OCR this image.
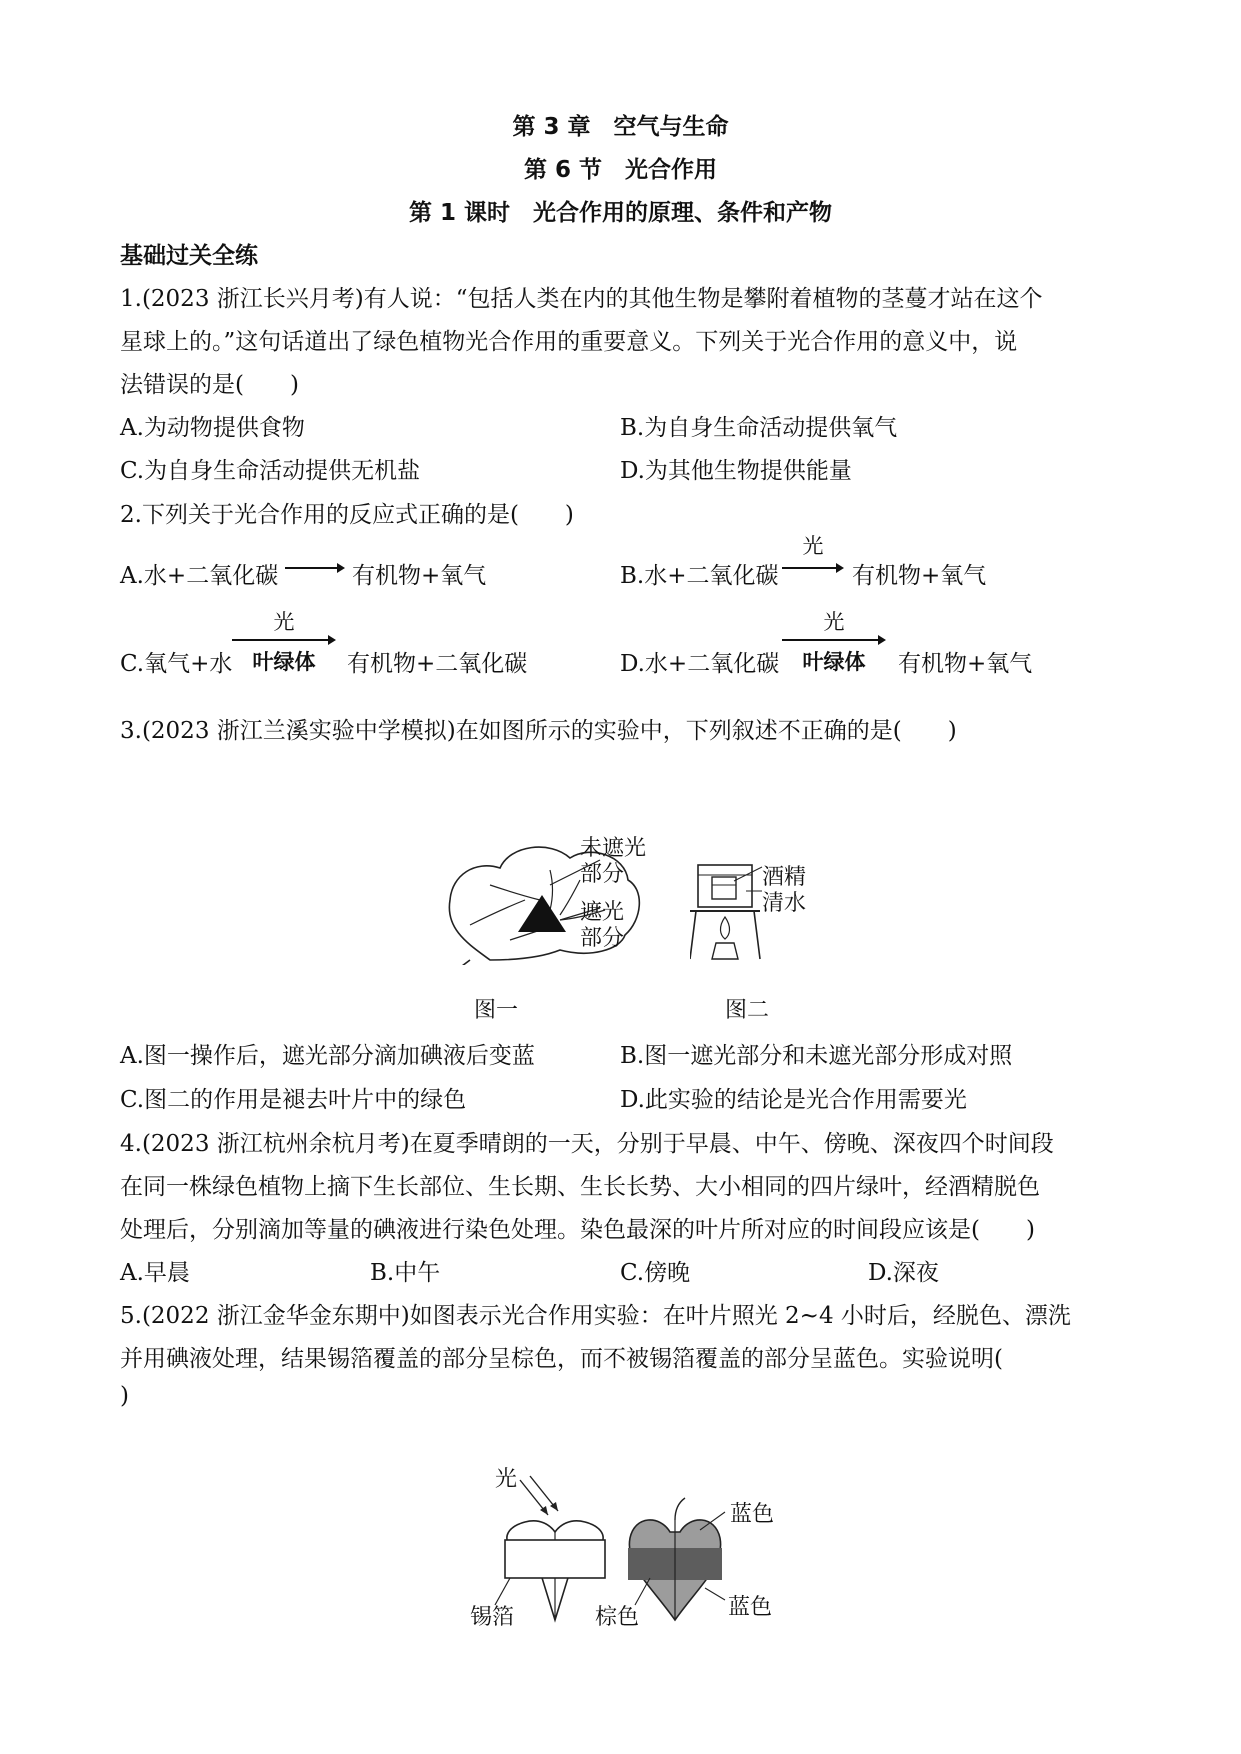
第 3 章　空气与生命
第 6 节　光合作用
第 1 课时　光合作用的原理、条件和产物
基础过关全练
1.(2023 浙江长兴月考)有人说：“包括人类在内的其他生物是攀附着植物的茎蔓才站在这个
星球上的。”这句话道出了绿色植物光合作用的重要意义。下列关于光合作用的意义中，说
法错误的是(　　)
A.为动物提供食物	B.为自身生命活动提供氧气
C.为自身生命活动提供无机盐	D.为其他生物提供能量
2.下列关于光合作用的反应式正确的是(　　)
A.水+二氧化碳	有机物+氧气	B.水+二氧化碳
光
有机物+氧气
C.氧气+水
光
叶绿体	有机物+二氧化碳	D.水+二氧化碳
光
叶绿体	有机物+氧气
3.(2023 浙江兰溪实验中学模拟)在如图所示的实验中，下列叙述不正确的是(　　)
未遮光
部分
遮光
部分
酒精
清水
图一	图二
A.图一操作后，遮光部分滴加碘液后变蓝	B.图一遮光部分和未遮光部分形成对照
C.图二的作用是褪去叶片中的绿色	D.此实验的结论是光合作用需要光
4.(2023 浙江杭州余杭月考)在夏季晴朗的一天，分别于早晨、中午、傍晚、深夜四个时间段
在同一株绿色植物上摘下生长部位、生长期、生长长势、大小相同的四片绿叶，经酒精脱色
处理后，分别滴加等量的碘液进行染色处理。染色最深的叶片所对应的时间段应该是(　　)
A.早晨	B.中午	C.傍晚	D.深夜
5.(2022 浙江金华金东期中)如图表示光合作用实验：在叶片照光 2~4 小时后，经脱色、漂洗
并用碘液处理，结果锡箔覆盖的部分呈棕色，而不被锡箔覆盖的部分呈蓝色。实验说明(
)
光
锡箔	棕色
蓝色
蓝色
